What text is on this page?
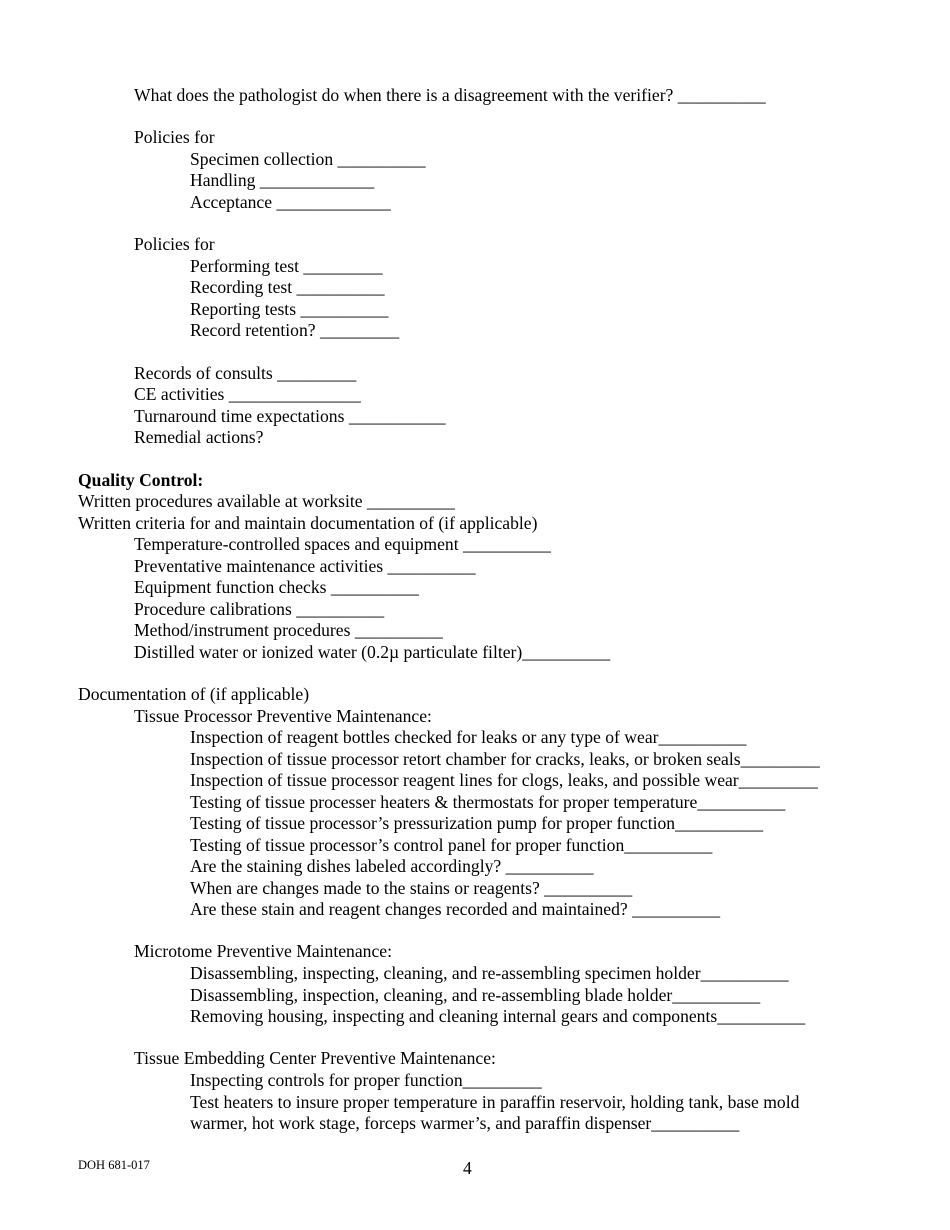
What does the pathologist do when there is a disagreement with the verifier? __________
Policies for
Specimen collection __________
Handling _____________
Acceptance _____________
Policies for
Performing test _________
Recording test __________
Reporting tests __________
Record retention? _________
Records of consults _________
CE activities _______________
Turnaround time expectations ___________
Remedial actions?
Quality Control:
Written procedures available at worksite __________
Written criteria for and maintain documentation of (if applicable)
Temperature-controlled spaces and equipment __________
Preventative maintenance activities __________
Equipment function checks __________
Procedure calibrations __________
Method/instrument procedures __________
Distilled water or ionized water (0.2µ particulate filter)__________
Documentation of (if applicable)
Tissue Processor Preventive Maintenance:
Inspection of reagent bottles checked for leaks or any type of wear__________
Inspection of tissue processor retort chamber for cracks, leaks, or broken seals_________
Inspection of tissue processor reagent lines for clogs, leaks, and possible wear_________
Testing of tissue processer heaters & thermostats for proper temperature__________
Testing of tissue processor’s pressurization pump for proper function__________
Testing of tissue processor’s control panel for proper function__________
Are the staining dishes labeled accordingly? __________
When are changes made to the stains or reagents? __________
Are these stain and reagent changes recorded and maintained? __________
Microtome Preventive Maintenance:
Disassembling, inspecting, cleaning, and re-assembling specimen holder__________
Disassembling, inspection, cleaning, and re-assembling blade holder__________
Removing housing, inspecting and cleaning internal gears and components__________
Tissue Embedding Center Preventive Maintenance:
Inspecting controls for proper function_________
Test heaters to insure proper temperature in paraffin reservoir, holding tank, base mold
warmer, hot work stage, forceps warmer’s, and paraffin dispenser__________
DOH 681-017	4
